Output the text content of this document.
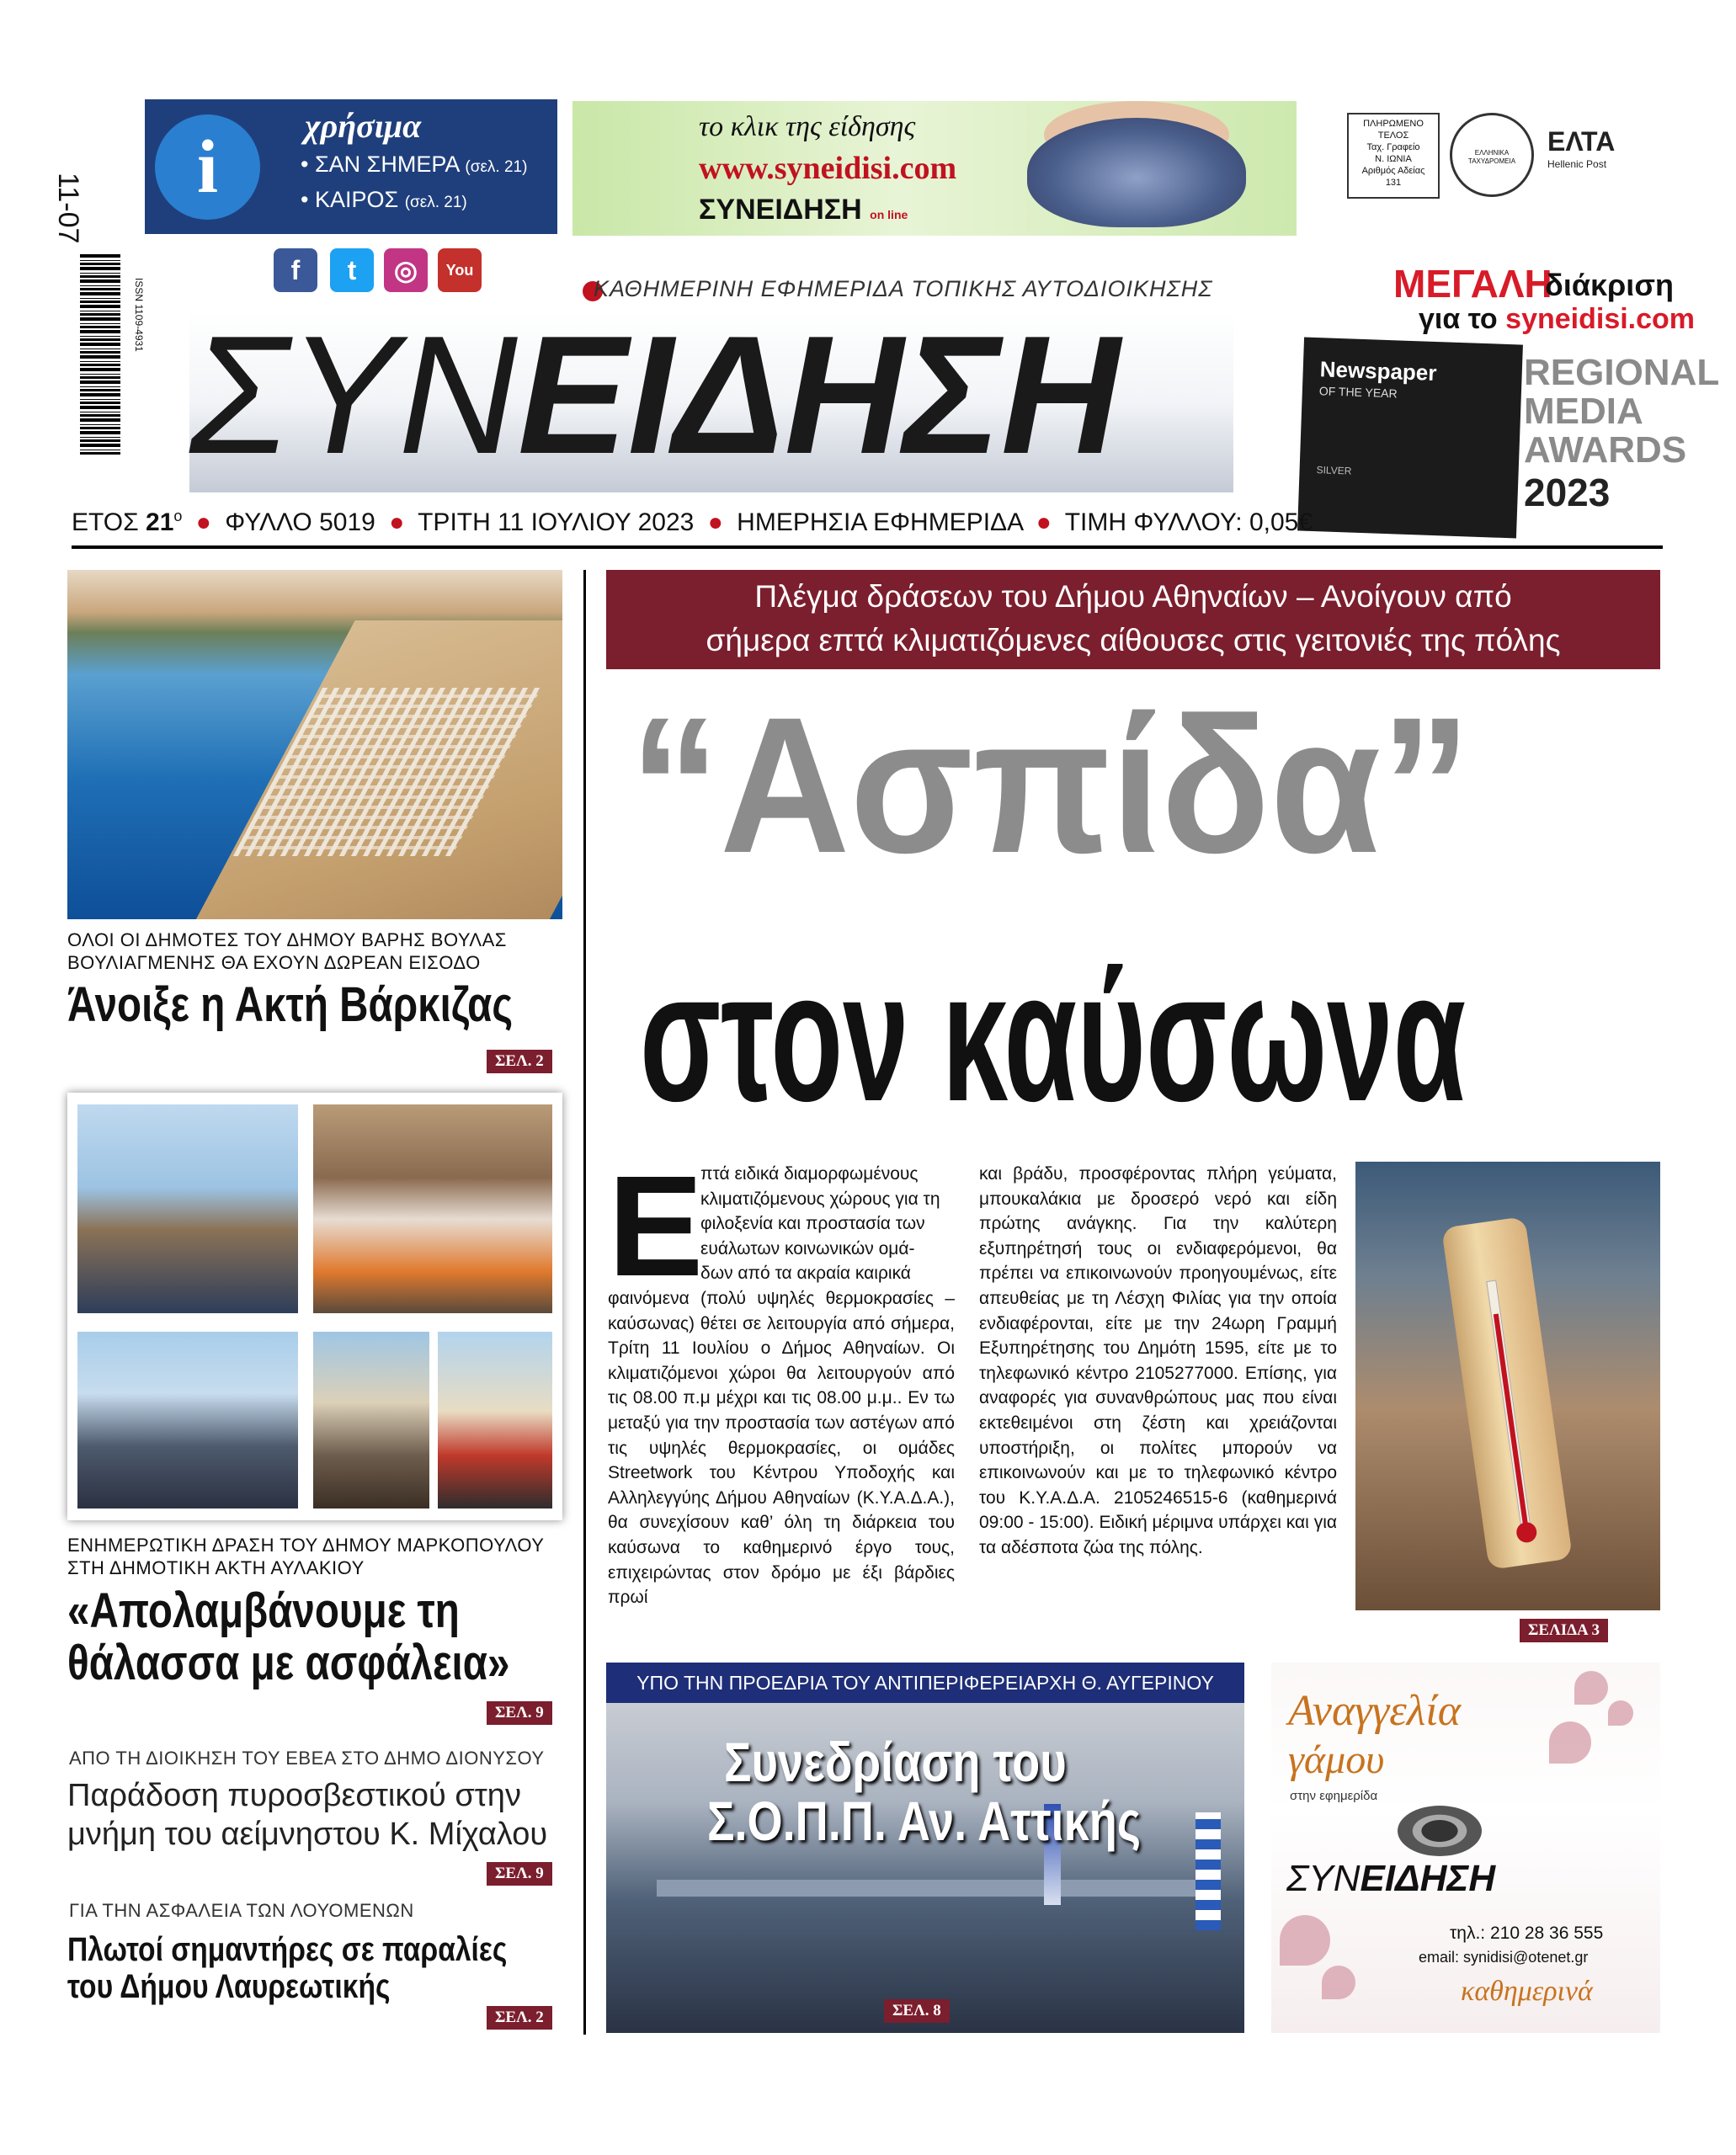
i	χρήσιμα
• ΣΑΝ ΣΗΜΕΡΑ (σελ. 21)
• ΚΑΙΡΟΣ (σελ. 21)
το κλικ της είδησης
www.syneidisi.com
ΣΥΝΕΙΔΗΣΗ on line
ΠΛΗΡΩΜΕΝΟ
ΤΕΛΟΣ
Ταχ. Γραφείο
Ν. ΙΩΝΙΑ
Αριθμός Αδείας
131
ΕΛΛΗΝΙΚΑ ΤΑΧΥΔΡΟΜΕΙΑ
ΕΛΤΑ
Hellenic Post
11-07
ISSN 1109-4931
f	t	◎	You
ΚΑΘΗΜΕΡΙΝΗ ΕΦΗΜΕΡΙΔΑ ΤΟΠΙΚΗΣ ΑΥΤΟΔΙΟΙΚΗΣΗΣ
ΣΥΝΕΙΔΗΣΗ
ΜΕΓΑΛΗ
διάκριση
για το syneidisi.com
Newspaper
OF THE YEAR
SILVER
REGIONAL
MEDIA
AWARDS
2023
ΕΤΟΣ $21^o$ ● ΦΥΛΛΟ 5019 ● ΤΡΙΤΗ 11 ΙΟΥΛΙΟΥ 2023 ● ΗΜΕΡΗΣΙΑ ΕΦΗΜΕΡΙΔΑ ● ΤΙΜΗ ΦΥΛΛΟΥ: 0,05€
ΟΛΟΙ ΟΙ ΔΗΜΟΤΕΣ ΤΟΥ ΔΗΜΟΥ ΒΑΡΗΣ ΒΟΥΛΑΣ ΒΟΥΛΙΑΓΜΕΝΗΣ ΘΑ ΕΧΟΥΝ ΔΩΡΕΑΝ ΕΙΣΟΔΟ
Άνοιξε η Ακτή Βάρκιζας
ΣΕΛ. 2
ΕΝΗΜΕΡΩΤΙΚΗ ΔΡΑΣΗ ΤΟΥ ΔΗΜΟΥ ΜΑΡΚΟΠΟΥΛΟΥ ΣΤΗ ΔΗΜΟΤΙΚΗ ΑΚΤΗ ΑΥΛΑΚΙΟΥ
«Απολαμβάνουμε τη
θάλασσα με ασφάλεια»
ΣΕΛ. 9
ΑΠΟ ΤΗ ΔΙΟΙΚΗΣΗ ΤΟΥ ΕΒΕΑ ΣΤΟ ΔΗΜΟ ΔΙΟΝΥΣΟΥ
Παράδοση πυροσβεστικού στην
μνήμη του αείμνηστου Κ. Μίχαλου
ΣΕΛ. 9
ΓΙΑ ΤΗΝ ΑΣΦΑΛΕΙΑ ΤΩΝ ΛΟΥΟΜΕΝΩΝ
Πλωτοί σημαντήρες σε παραλίες
του Δήμου Λαυρεωτικής
ΣΕΛ. 2
Πλέγμα δράσεων του Δήμου Αθηναίων – Ανοίγουν από
σήμερα επτά κλιματιζόμενες αίθουσες στις γειτονιές της πόλης
“Ασπίδα”
στον καύσωνα
Ε
πτά ειδικά διαμορφωμένους
κλιματιζόμενους χώρους για τη
φιλοξενία και προστασία των
ευάλωτων κοινωνικών ομά-
δων από τα ακραία καιρικά
φαινόμενα (πολύ υψηλές θερμοκρασίες – καύσωνας) θέτει σε λειτουργία από σήμερα, Τρίτη 11 Ιουλίου ο Δήμος Αθηναίων. Οι κλιματιζόμενοι χώροι θα λειτουργούν από τις 08.00 π.μ μέχρι και τις 08.00 μ.μ.. Εν τω μεταξύ για την προστασία των αστέγων από τις υψηλές θερμοκρασίες, οι ομάδες Streetwork του Κέντρου Υποδοχής και Αλληλεγγύης Δήμου Αθηναίων (Κ.Υ.Α.Δ.Α.), θα συνεχίσουν καθ’ όλη τη διάρκεια του καύσωνα το καθημερινό έργο τους, επιχειρώντας στον δρόμο με έξι βάρδιες πρωί
και βράδυ, προσφέροντας πλήρη γεύματα, μπουκαλάκια με δροσερό νερό και είδη πρώτης ανάγκης. Για την καλύτερη εξυπηρέτησή τους οι ενδιαφερόμενοι, θα πρέπει να επικοινωνούν προηγουμένως, είτε απευθείας με τη Λέσχη Φιλίας για την οποία ενδιαφέρονται, είτε με την 24ωρη Γραμμή Εξυπηρέτησης του Δημότη 1595, είτε με το τηλεφωνικό κέντρο 2105277000. Επίσης, για αναφορές για συνανθρώπους μας που είναι εκτεθειμένοι στη ζέστη και χρειάζονται υποστήριξη, οι πολίτες μπορούν να επικοινωνούν και με το τηλεφωνικό κέντρο του Κ.Υ.Α.Δ.Α. 2105246515-6 (καθημερινά 09:00 - 15:00). Ειδική μέριμνα υπάρχει και για τα αδέσποτα ζώα της πόλης.
ΣΕΛΙΔΑ 3
ΥΠΟ ΤΗΝ ΠΡΟΕΔΡΙΑ ΤΟΥ ΑΝΤΙΠΕΡΙΦΕΡΕΙΑΡΧΗ Θ. ΑΥΓΕΡΙΝΟΥ
Συνεδρίαση του
Σ.Ο.Π.Π. Αν. Αττικής
ΣΕΛ. 8
Αναγγελία
γάμου
στην εφημερίδα
ΣΥΝΕΙΔΗΣΗ
τηλ.: 210 28 36 555
email: synidisi@otenet.gr
καθημερινά
